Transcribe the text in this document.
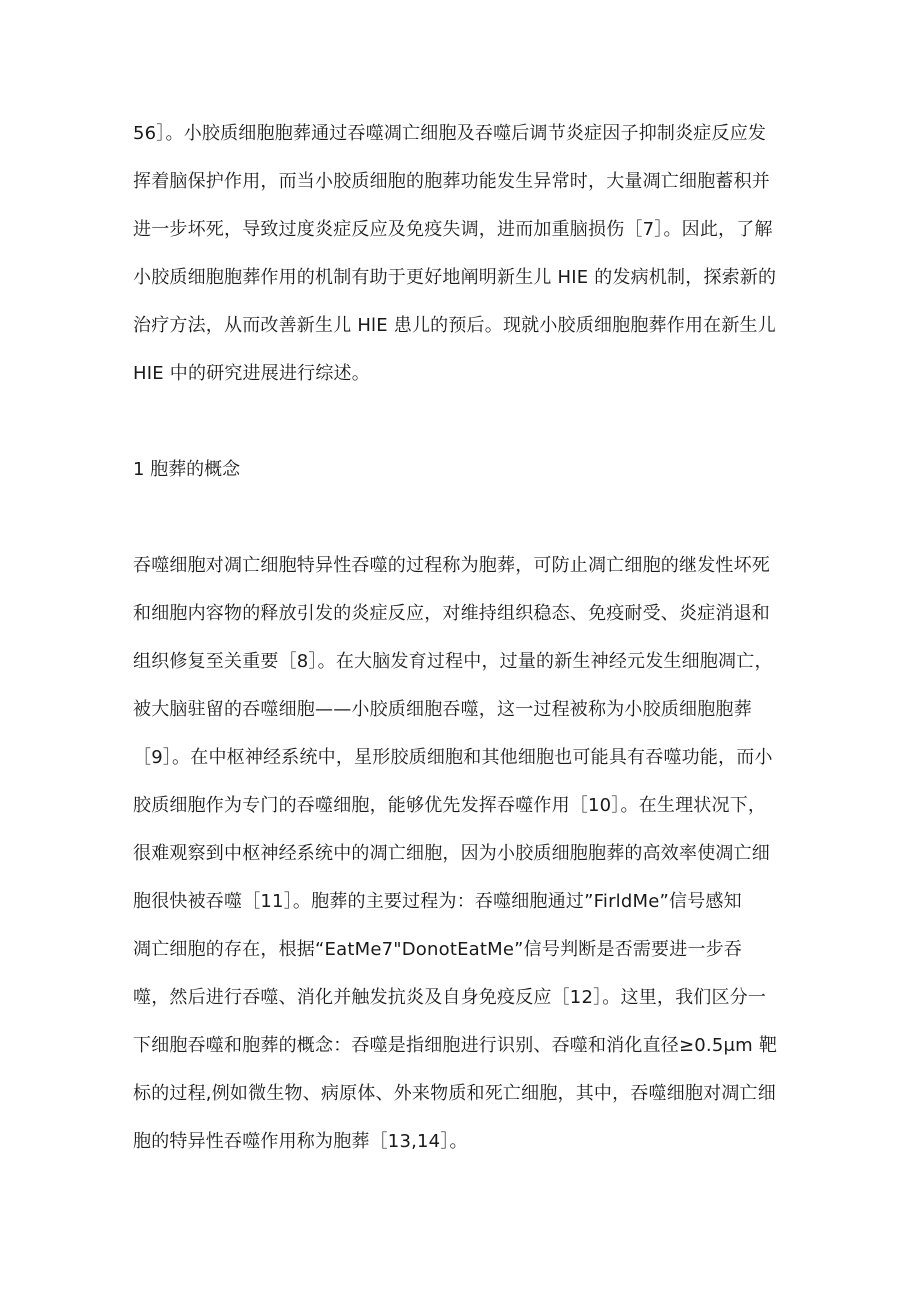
56］。小胶质细胞胞葬通过吞噬凋亡细胞及吞噬后调节炎症因子抑制炎症反应发

挥着脑保护作用，而当小胶质细胞的胞葬功能发生异常时，大量凋亡细胞蓄积并

进一步坏死，导致过度炎症反应及免疫失调，进而加重脑损伤［7］。因此，了解

小胶质细胞胞葬作用的机制有助于更好地阐明新生儿 HIE 的发病机制，探索新的

治疗方法，从而改善新生儿 HlE 患儿的预后。现就小胶质细胞胞葬作用在新生儿

HIE 中的研究进展进行综述。

1 胞葬的概念

吞噬细胞对凋亡细胞特异性吞噬的过程称为胞葬，可防止凋亡细胞的继发性坏死

和细胞内容物的释放引发的炎症反应，对维持组织稳态、免疫耐受、炎症消退和

组织修复至关重要［8］。在大脑发育过程中，过量的新生神经元发生细胞凋亡，

被大脑驻留的吞噬细胞——小胶质细胞吞噬，这一过程被称为小胶质细胞胞葬

［9］。在中枢神经系统中，星形胶质细胞和其他细胞也可能具有吞噬功能，而小

胶质细胞作为专门的吞噬细胞，能够优先发挥吞噬作用［10］。在生理状况下，

很难观察到中枢神经系统中的凋亡细胞，因为小胶质细胞胞葬的高效率使凋亡细

胞很快被吞噬［11］。胞葬的主要过程为：吞噬细胞通过”FirldMe”信号感知

凋亡细胞的存在，根据“EatMe7"DonotEatMe”信号判断是否需要进一步吞

噬，然后进行吞噬、消化并触发抗炎及自身免疫反应［12］。这里，我们区分一

下细胞吞噬和胞葬的概念：吞噬是指细胞进行识别、吞噬和消化直径≥0.5μm 靶

标的过程,例如微生物、病原体、外来物质和死亡细胞，其中，吞噬细胞对凋亡细

胞的特异性吞噬作用称为胞葬［13,14］。
